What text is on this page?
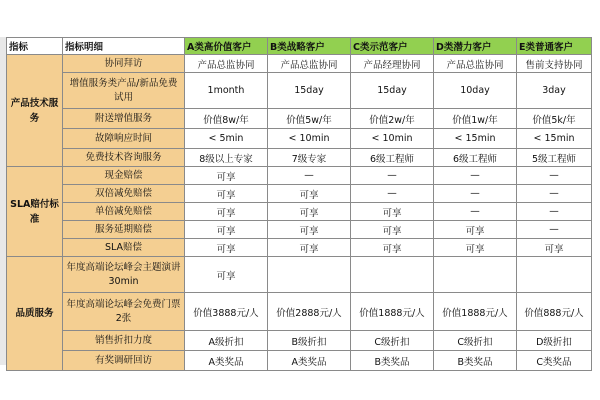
指标	指标明细	A类高价值客户	B类战略客户	C类示范客户	D类潜力客户	E类普通客户
产品技术服务	协同拜访	产品总监协同	产品总监协同	产品经理协同	产品总监协同	售前支持协同
	增值服务类产品/新品免费试用	1month	15day	15day	10day	3day
	附送增值服务	价值8w/年	价值5w/年	价值2w/年	价值1w/年	价值5k/年
	故障响应时间	< 5min	< 10min	< 10min	< 15min	< 15min
	免费技术咨询服务	8级以上专家	7级专家	6级工程师	6级工程师	5级工程师

SLA赔付标准	现金赔偿	可享	—	—	—	—
	双倍减免赔偿	可享	可享	—	—	—
	单倍减免赔偿	可享	可享	可享	—	—
	服务延期赔偿	可享	可享	可享	可享	—
	SLA赔偿	可享	可享	可享	可享	可享
品质服务	年度高端论坛峰会主题演讲30min	可享				
	年度高端论坛峰会免费门票2张	价值3888元/人	价值2888元/人	价值1888元/人	价值1888元/人	价值888元/人
	销售折扣力度	A级折扣	B级折扣	C级折扣	C级折扣	D级折扣
	有奖调研回访	A类奖品	A类奖品	B类奖品	B类奖品	C类奖品
